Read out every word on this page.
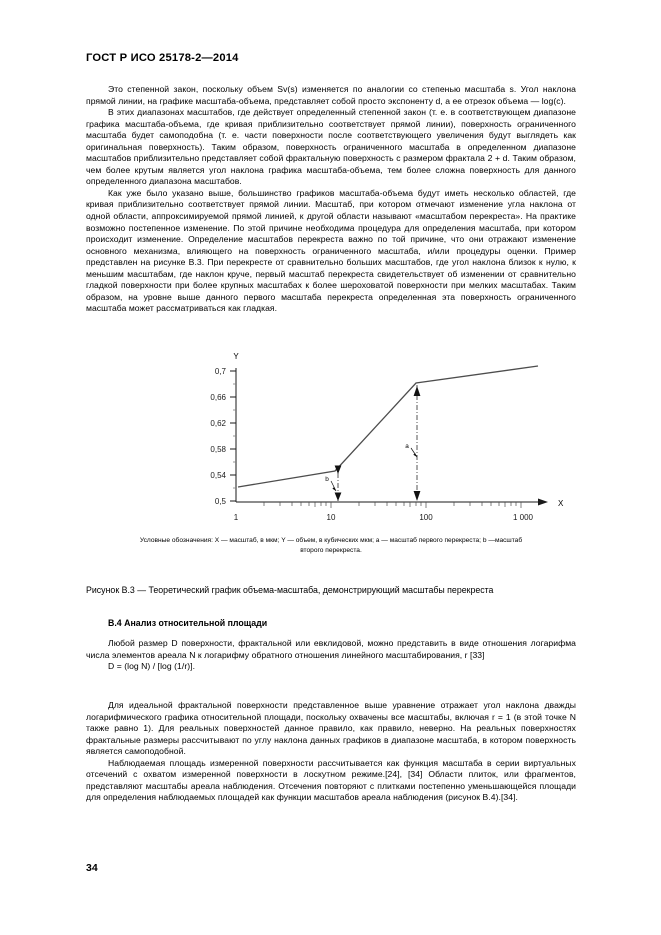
ГОСТ Р ИСО 25178-2—2014

Это степенной закон, поскольку объем Sv(s) изменяется по аналогии со степенью масштаба s. Угол наклона прямой линии, на графике масштаба-объема, представляет собой просто экспоненту d, а ее отрезок объема — log(c).

В этих диапазонах масштабов, где действует определенный степенной закон (т. е. в соответствующем диапазоне графика масштаба-объема, где кривая приблизительно соответствует прямой линии), поверхность ограниченного масштаба будет самоподобна (т. е. части поверхности после соответствующего увеличения будут выглядеть как оригинальная поверхность). Таким образом, поверхность ограниченного масштаба в определенном диапазоне масштабов приблизительно представляет собой фрактальную поверхность с размером фрактала 2 + d. Таким образом, чем более крутым является угол наклона графика масштаба-объема, тем более сложна поверхность для данного определенного диапазона масштабов.

Как уже было указано выше, большинство графиков масштаба-объема будут иметь несколько областей, где кривая приблизительно соответствует прямой линии. Масштаб, при котором отмечают изменение угла наклона от одной области, аппроксимируемой прямой линией, к другой области называют «масштабом перекреста». На практике возможно постепенное изменение. По этой причине необходима процедура для определения масштаба, при котором происходит изменение. Определение масштабов перекреста важно по той причине, что они отражают изменение основного механизма, влияющего на поверхность ограниченного масштаба, и/или процедуры оценки. Пример представлен на рисунке В.3. При перекресте от сравнительно больших масштабов, где угол наклона близок к нулю, к меньшим масштабам, где наклон круче, первый масштаб перекреста свидетельствует об изменении от сравнительно гладкой поверхности при более крупных масштабах к более шероховатой поверхности при мелких масштабах. Таким образом, на уровне выше данного первого масштаба перекреста определенная эта поверхность ограниченного масштаба может рассматриваться как гладкая.

0,7
0,66
0,62
0,58
0,54
0,5
Y
1	10	100	1 000
X
b
a
Условные обозначения: X — масштаб, в мкм; Y — объем, в кубических мкм; a — масштаб первого перекреста; b —масштаб
второго перекреста.
Рисунок В.3 — Теоретический график объема-масштаба, демонстрирующий масштабы перекреста
В.4 Анализ относительной площади

Любой размер D поверхности, фрактальной или евклидовой, можно представить в виде отношения логарифма числа элементов ареала N к логарифму обратного отношения линейного масштабирования, r [33]

D = (log N) / [log (1/r)].

Для идеальной фрактальной поверхности представленное выше уравнение отражает угол наклона дважды логарифмического графика относительной площади, поскольку охвачены все масштабы, включая r = 1 (в этой точке N также равно 1). Для реальных поверхностей данное правило, как правило, неверно. На реальных поверхностях фрактальные размеры рассчитывают по углу наклона данных графиков в диапазоне масштаба, в котором поверхность является самоподобной.

Наблюдаемая площадь измеренной поверхности рассчитывается как функция масштаба в серии виртуальных отсечений с охватом измеренной поверхности в лоскутном режиме.[24], [34] Области плиток, или фрагментов, представляют масштабы ареала наблюдения. Отсечения повторяют с плитками постепенно уменьшающейся площади для определения наблюдаемых площадей как функции масштабов ареала наблюдения (рисунок В.4).[34].

34
